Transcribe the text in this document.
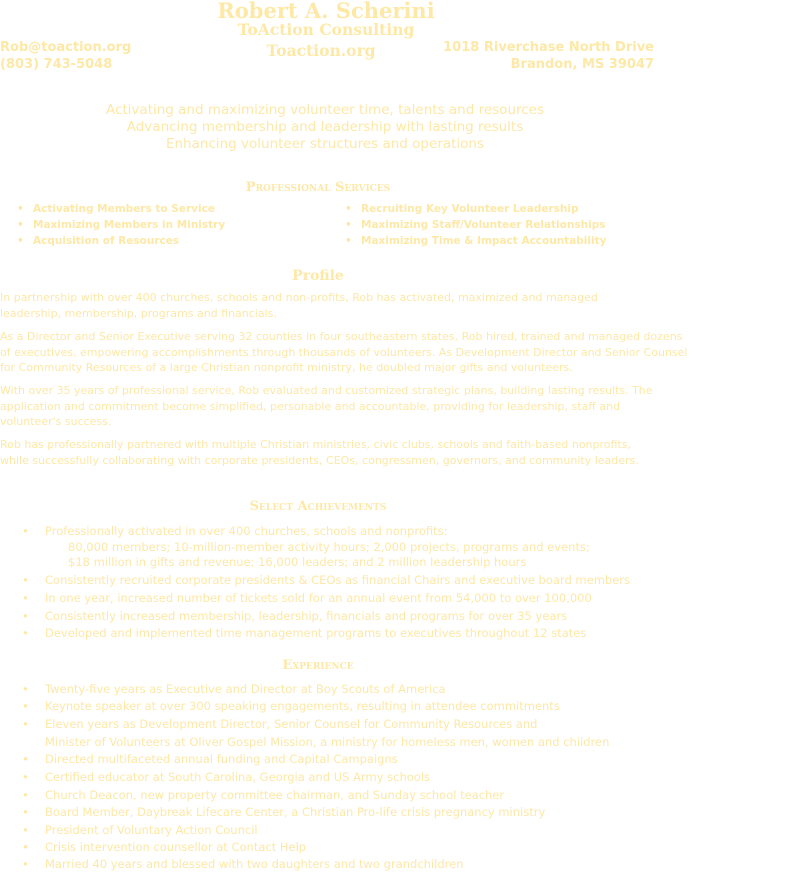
Robert A. Scherini
ToAction Consulting
Toaction.org
Rob@toaction.org
(803) 743-5048
1018 Riverchase North Drive
Brandon, MS 39047
Activating and maximizing volunteer time, talents and resources
Advancing membership and leadership with lasting results
Enhancing volunteer structures and operations
Professional Services
• Activating Members to Service
• Maximizing Members in Ministry
• Acquisition of Resources
• Recruiting Key Volunteer Leadership
• Maximizing Staff/Volunteer Relationships
• Maximizing Time & Impact Accountability
Profile
In partnership with over 400 churches, schools and non-profits, Rob has activated, maximized and managed leadership, membership, programs and financials.
As a Director and Senior Executive serving 32 counties in four southeastern states, Rob hired, trained and managed dozens of executives, empowering accomplishments through thousands of volunteers. As Development Director and Senior Counsel for Community Resources of a large Christian nonprofit ministry, he doubled major gifts and volunteers.
With over 35 years of professional service, Rob evaluated and customized strategic plans, building lasting results. The application and commitment become simplified, personable and accountable, providing for leadership, staff and volunteer's success.
Rob has professionally partnered with multiple Christian ministries, civic clubs, schools and faith-based nonprofits, while successfully collaborating with corporate presidents, CEOs, congressmen, governors, and community leaders.
Select Achievements
• Professionally activated in over 400 churches, schools and nonprofits:
80,000 members; 10-million-member activity hours; 2,000 projects, programs and events;
$18 million in gifts and revenue; 16,000 leaders; and 2 million leadership hours
• Consistently recruited corporate presidents & CEOs as financial Chairs and executive board members
• In one year, increased number of tickets sold for an annual event from 54,000 to over 100,000
• Consistently increased membership, leadership, financials and programs for over 35 years
• Developed and implemented time management programs to executives throughout 12 states
Experience
• Twenty-five years as Executive and Director at Boy Scouts of America
• Keynote speaker at over 300 speaking engagements, resulting in attendee commitments
• Eleven years as Development Director, Senior Counsel for Community Resources and
Minister of Volunteers at Oliver Gospel Mission, a ministry for homeless men, women and children
• Directed multifaceted annual funding and Capital Campaigns
• Certified educator at South Carolina, Georgia and US Army schools
• Church Deacon, new property committee chairman, and Sunday school teacher
• Board Member, Daybreak Lifecare Center, a Christian Pro-life crisis pregnancy ministry
• President of Voluntary Action Council
• Crisis intervention counsellor at Contact Help
• Married 40 years and blessed with two daughters and two grandchildren
